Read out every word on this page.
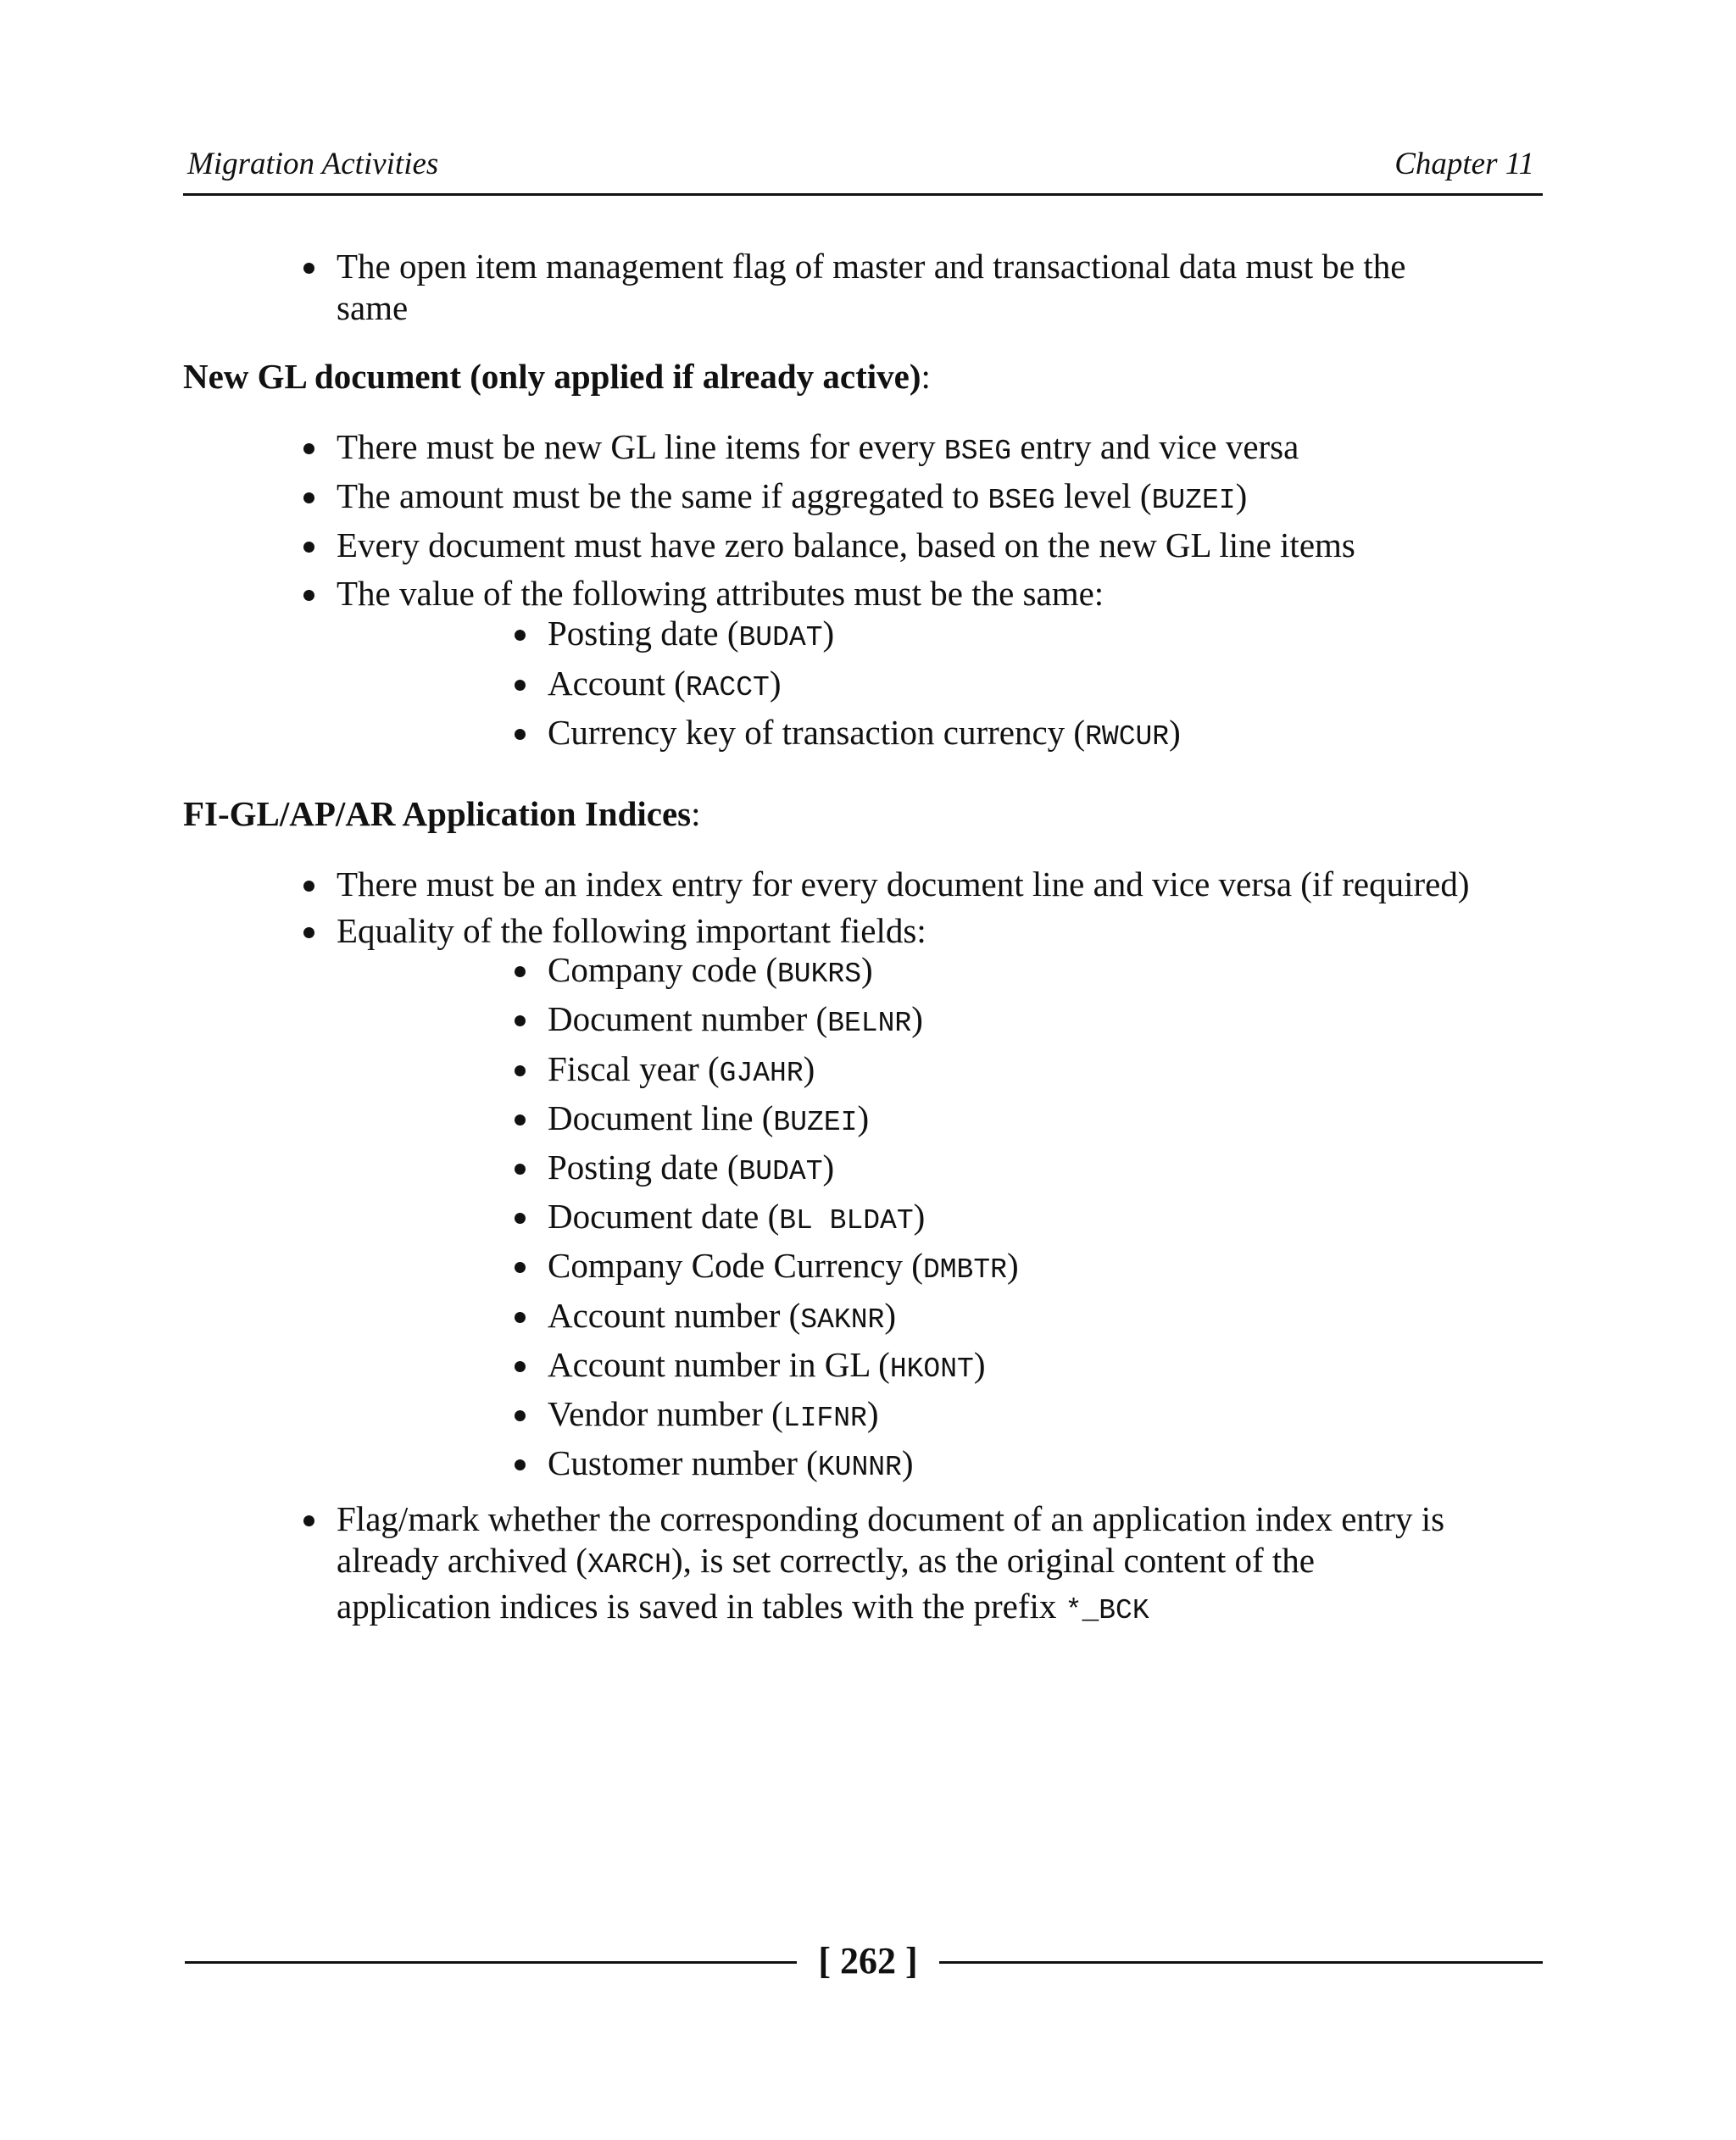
Migration Activities	Chapter 11
The open item management flag of master and transactional data must be the
same
New GL document (only applied if already active):
There must be new GL line items for every BSEG entry and vice versa
The amount must be the same if aggregated to BSEG level (BUZEI)
Every document must have zero balance, based on the new GL line items
The value of the following attributes must be the same:
Posting date (BUDAT)
Account (RACCT)
Currency key of transaction currency (RWCUR)
FI-GL/AP/AR Application Indices:
There must be an index entry for every document line and vice versa (if required)
Equality of the following important fields:
Company code (BUKRS)
Document number (BELNR)
Fiscal year (GJAHR)
Document line (BUZEI)
Posting date (BUDAT)
Document date (BL BLDAT)
Company Code Currency (DMBTR)
Account number (SAKNR)
Account number in GL (HKONT)
Vendor number (LIFNR)
Customer number (KUNNR)
Flag/mark whether the corresponding document of an application index entry is
already archived (XARCH), is set correctly, as the original content of the
application indices is saved in tables with the prefix *_BCK
[ 262 ]
